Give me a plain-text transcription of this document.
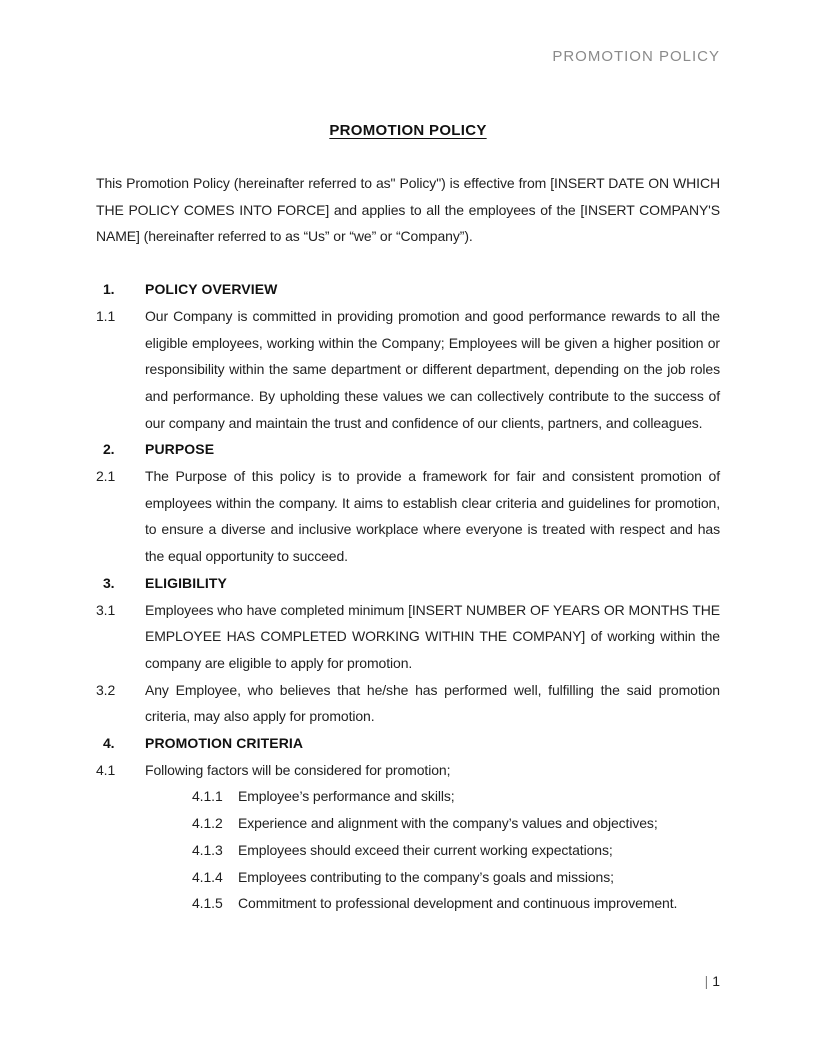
PROMOTION POLICY
PROMOTION POLICY

This Promotion Policy (hereinafter referred to as" Policy") is effective from [INSERT DATE ON WHICH THE POLICY COMES INTO FORCE] and applies to all the employees of the [INSERT COMPANY'S NAME] (hereinafter referred to as “Us” or “we” or “Company”).

1.	POLICY OVERVIEW
1.1	Our Company is committed in providing promotion and good performance rewards to all the eligible employees, working within the Company; Employees will be given a higher position or responsibility within the same department or different department, depending on the job roles and performance. By upholding these values we can collectively contribute to the success of our company and maintain the trust and confidence of our clients, partners, and colleagues.

2.	PURPOSE
2.1	The Purpose of this policy is to provide a framework for fair and consistent promotion of employees within the company. It aims to establish clear criteria and guidelines for promotion, to ensure a diverse and inclusive workplace where everyone is treated with respect and has the equal opportunity to succeed.

3.	ELIGIBILITY
3.1	Employees who have completed minimum [INSERT NUMBER OF YEARS OR MONTHS THE EMPLOYEE HAS COMPLETED WORKING WITHIN THE COMPANY] of working within the company are eligible to apply for promotion.

3.2	Any Employee, who believes that he/she has performed well, fulfilling the said promotion criteria, may also apply for promotion.

4.	PROMOTION CRITERIA
4.1	Following factors will be considered for promotion;

4.1.1	Employee’s performance and skills;

4.1.2	Experience and alignment with the company’s values and objectives;

4.1.3	Employees should exceed their current working expectations;

4.1.4	Employees contributing to the company’s goals and missions;

4.1.5	Commitment to professional development and continuous improvement.

| 1
